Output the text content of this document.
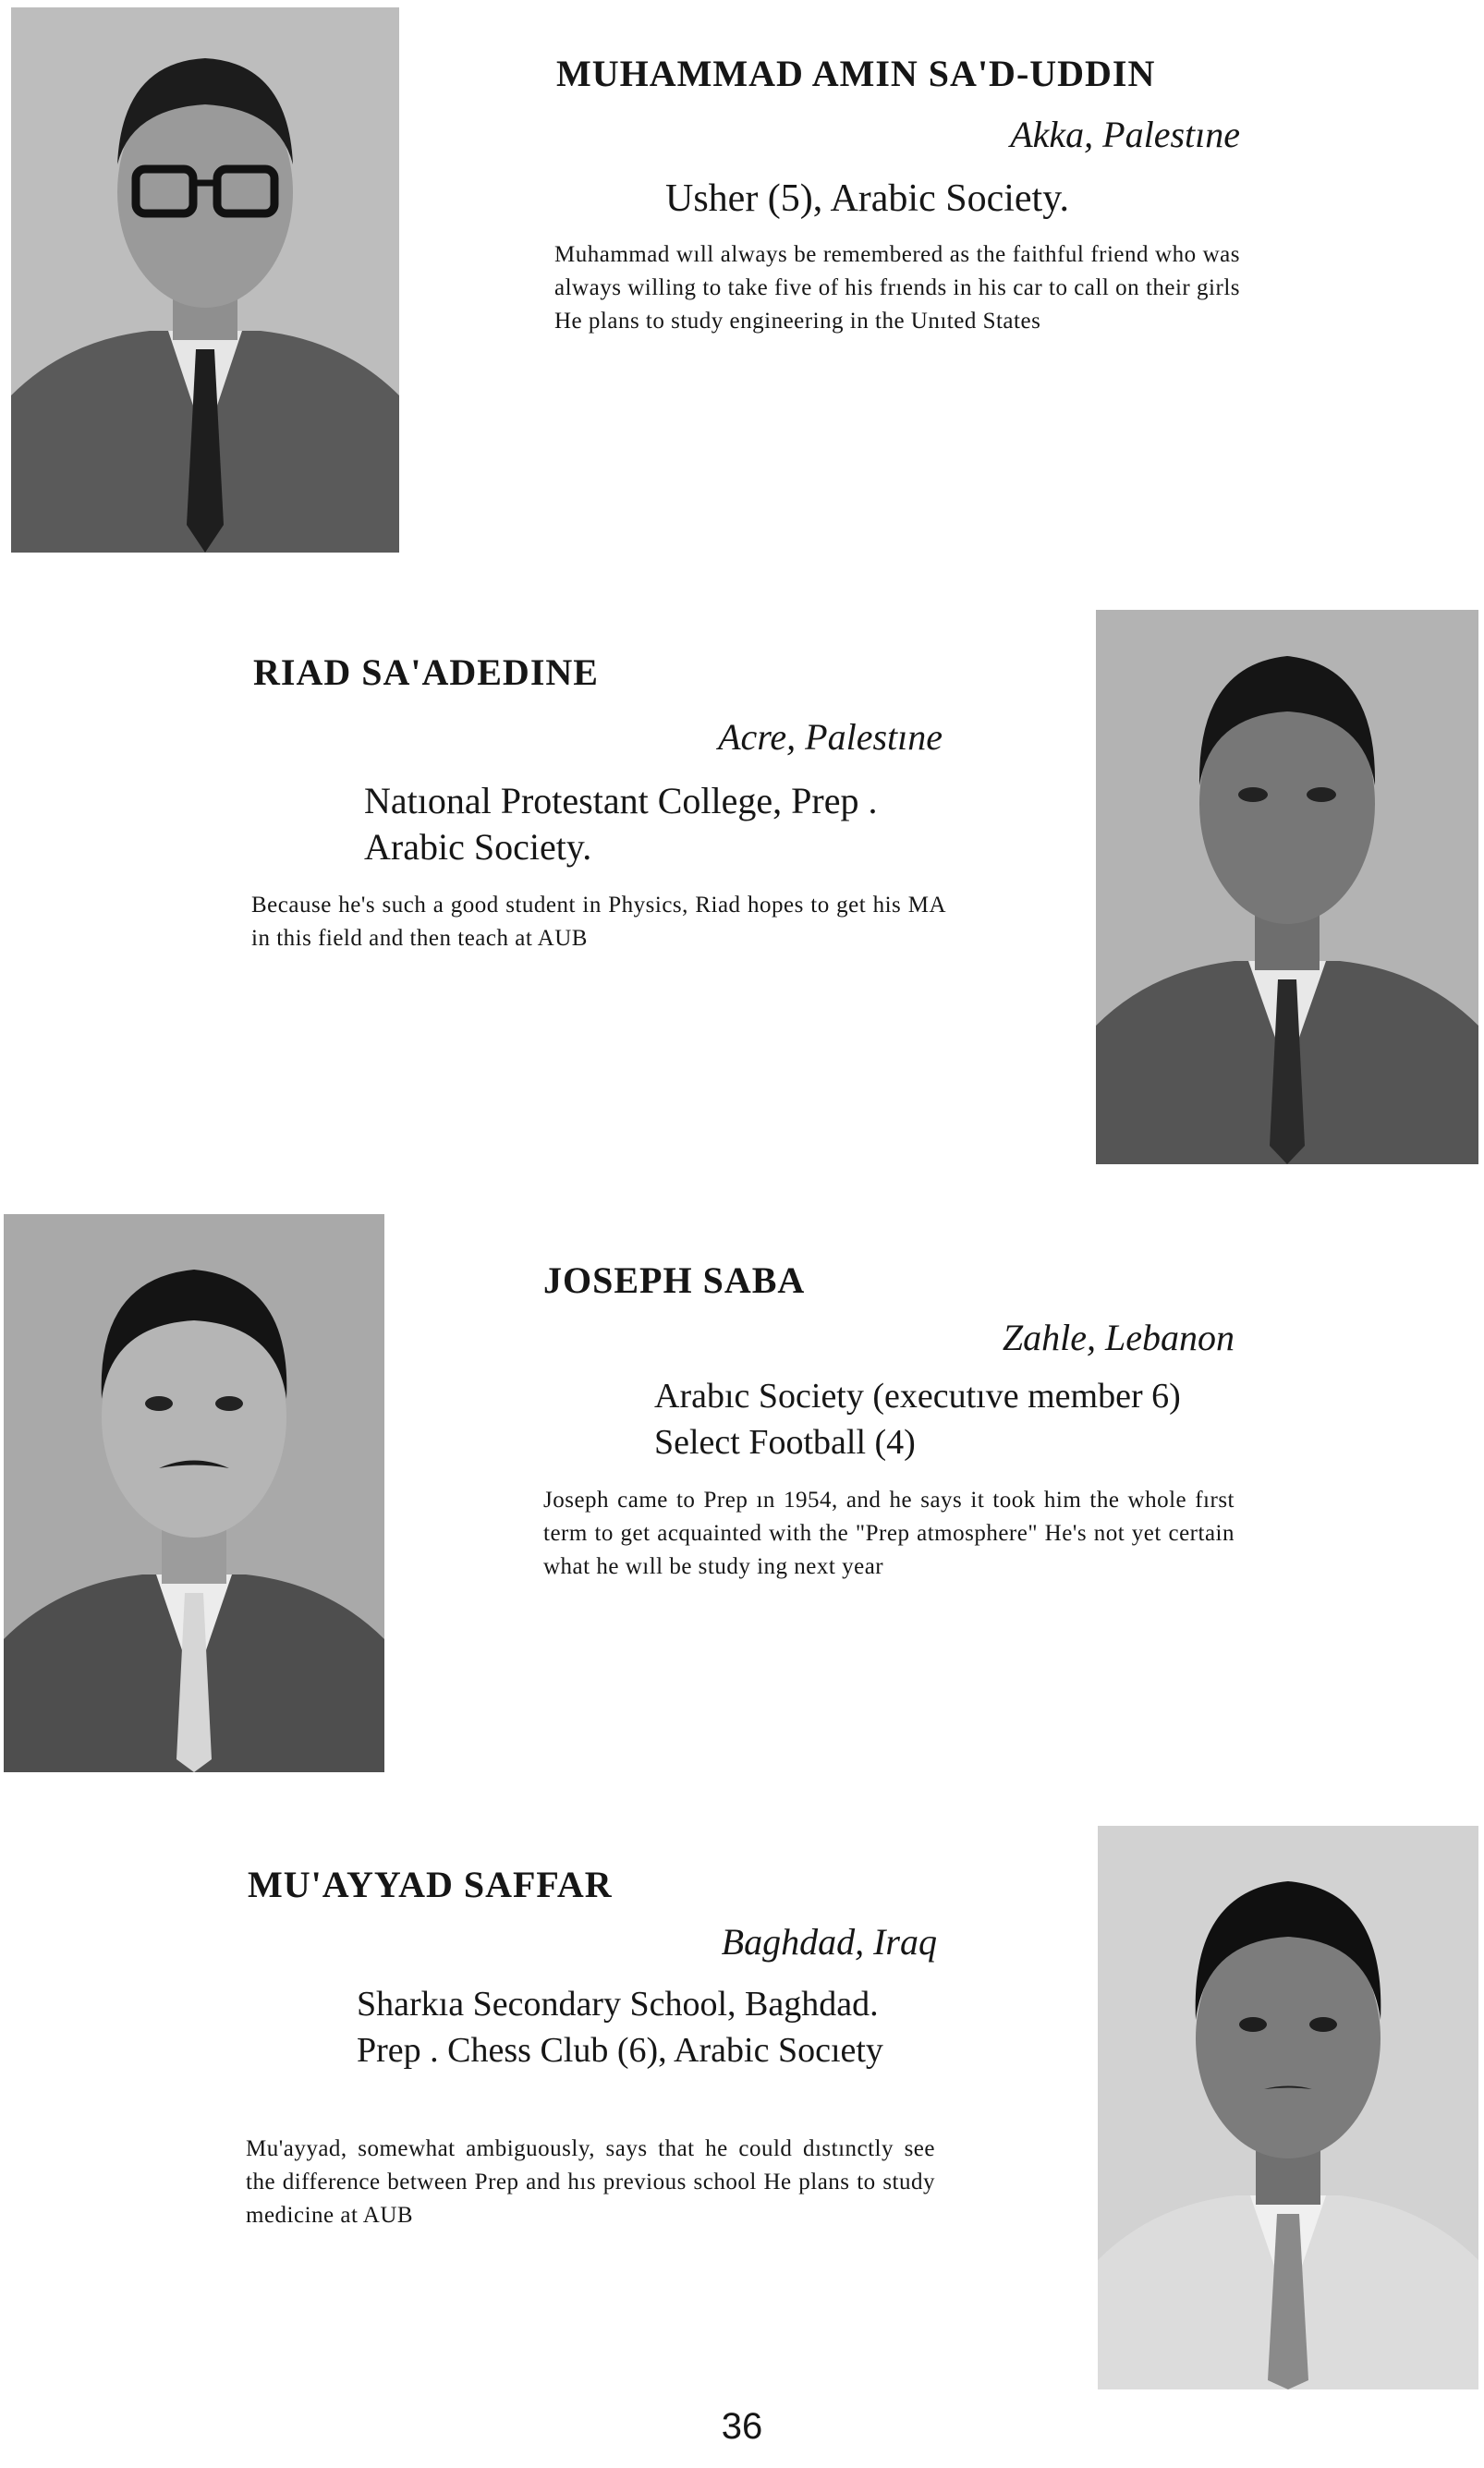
MUHAMMAD AMIN SA'D-UDDIN

Akka, Palestıne

Usher (5), Arabic Society.

Muhammad wıll always be remembered as the faithful friend who was always willing to take five of his frıends in his car to call on their girls He plans to study engineering in the Unıted States

RIAD SA'ADEDINE

Acre, Palestıne

Natıonal Protestant College, Prep . Arabic Society.

Because he's such a good student in Physics, Riad hopes to get his MA in this field and then teach at AUB

JOSEPH SABA

Zahle, Lebanon

Arabıc Society (executıve member 6) Select Football (4)

Joseph came to Prep ın 1954, and he says it took him the whole fırst term to get acquainted with the "Prep atmosphere" He's not yet certain what he wıll be study ing next year

MU'AYYAD SAFFAR

Baghdad, Iraq

Sharkıa Secondary School, Baghdad. Prep . Chess Club (6), Arabic Socıety

Mu'ayyad, somewhat ambiguously, says that he could dıstınctly see the difference between Prep and hıs previous school He plans to study medicine at AUB

36
